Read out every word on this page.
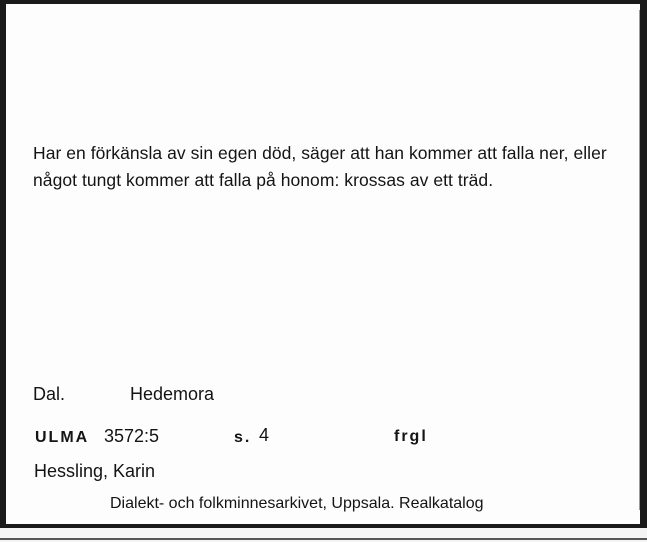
Har en förkänsla av sin egen död, säger att han kommer att falla ner, eller något tungt kommer att falla på honom: krossas av ett träd.

Dal.	Hedemora
ULMA 3572:5	s. 4	frgl
Hessling, Karin
Dialekt- och folkminnesarkivet, Uppsala. Realkatalog
